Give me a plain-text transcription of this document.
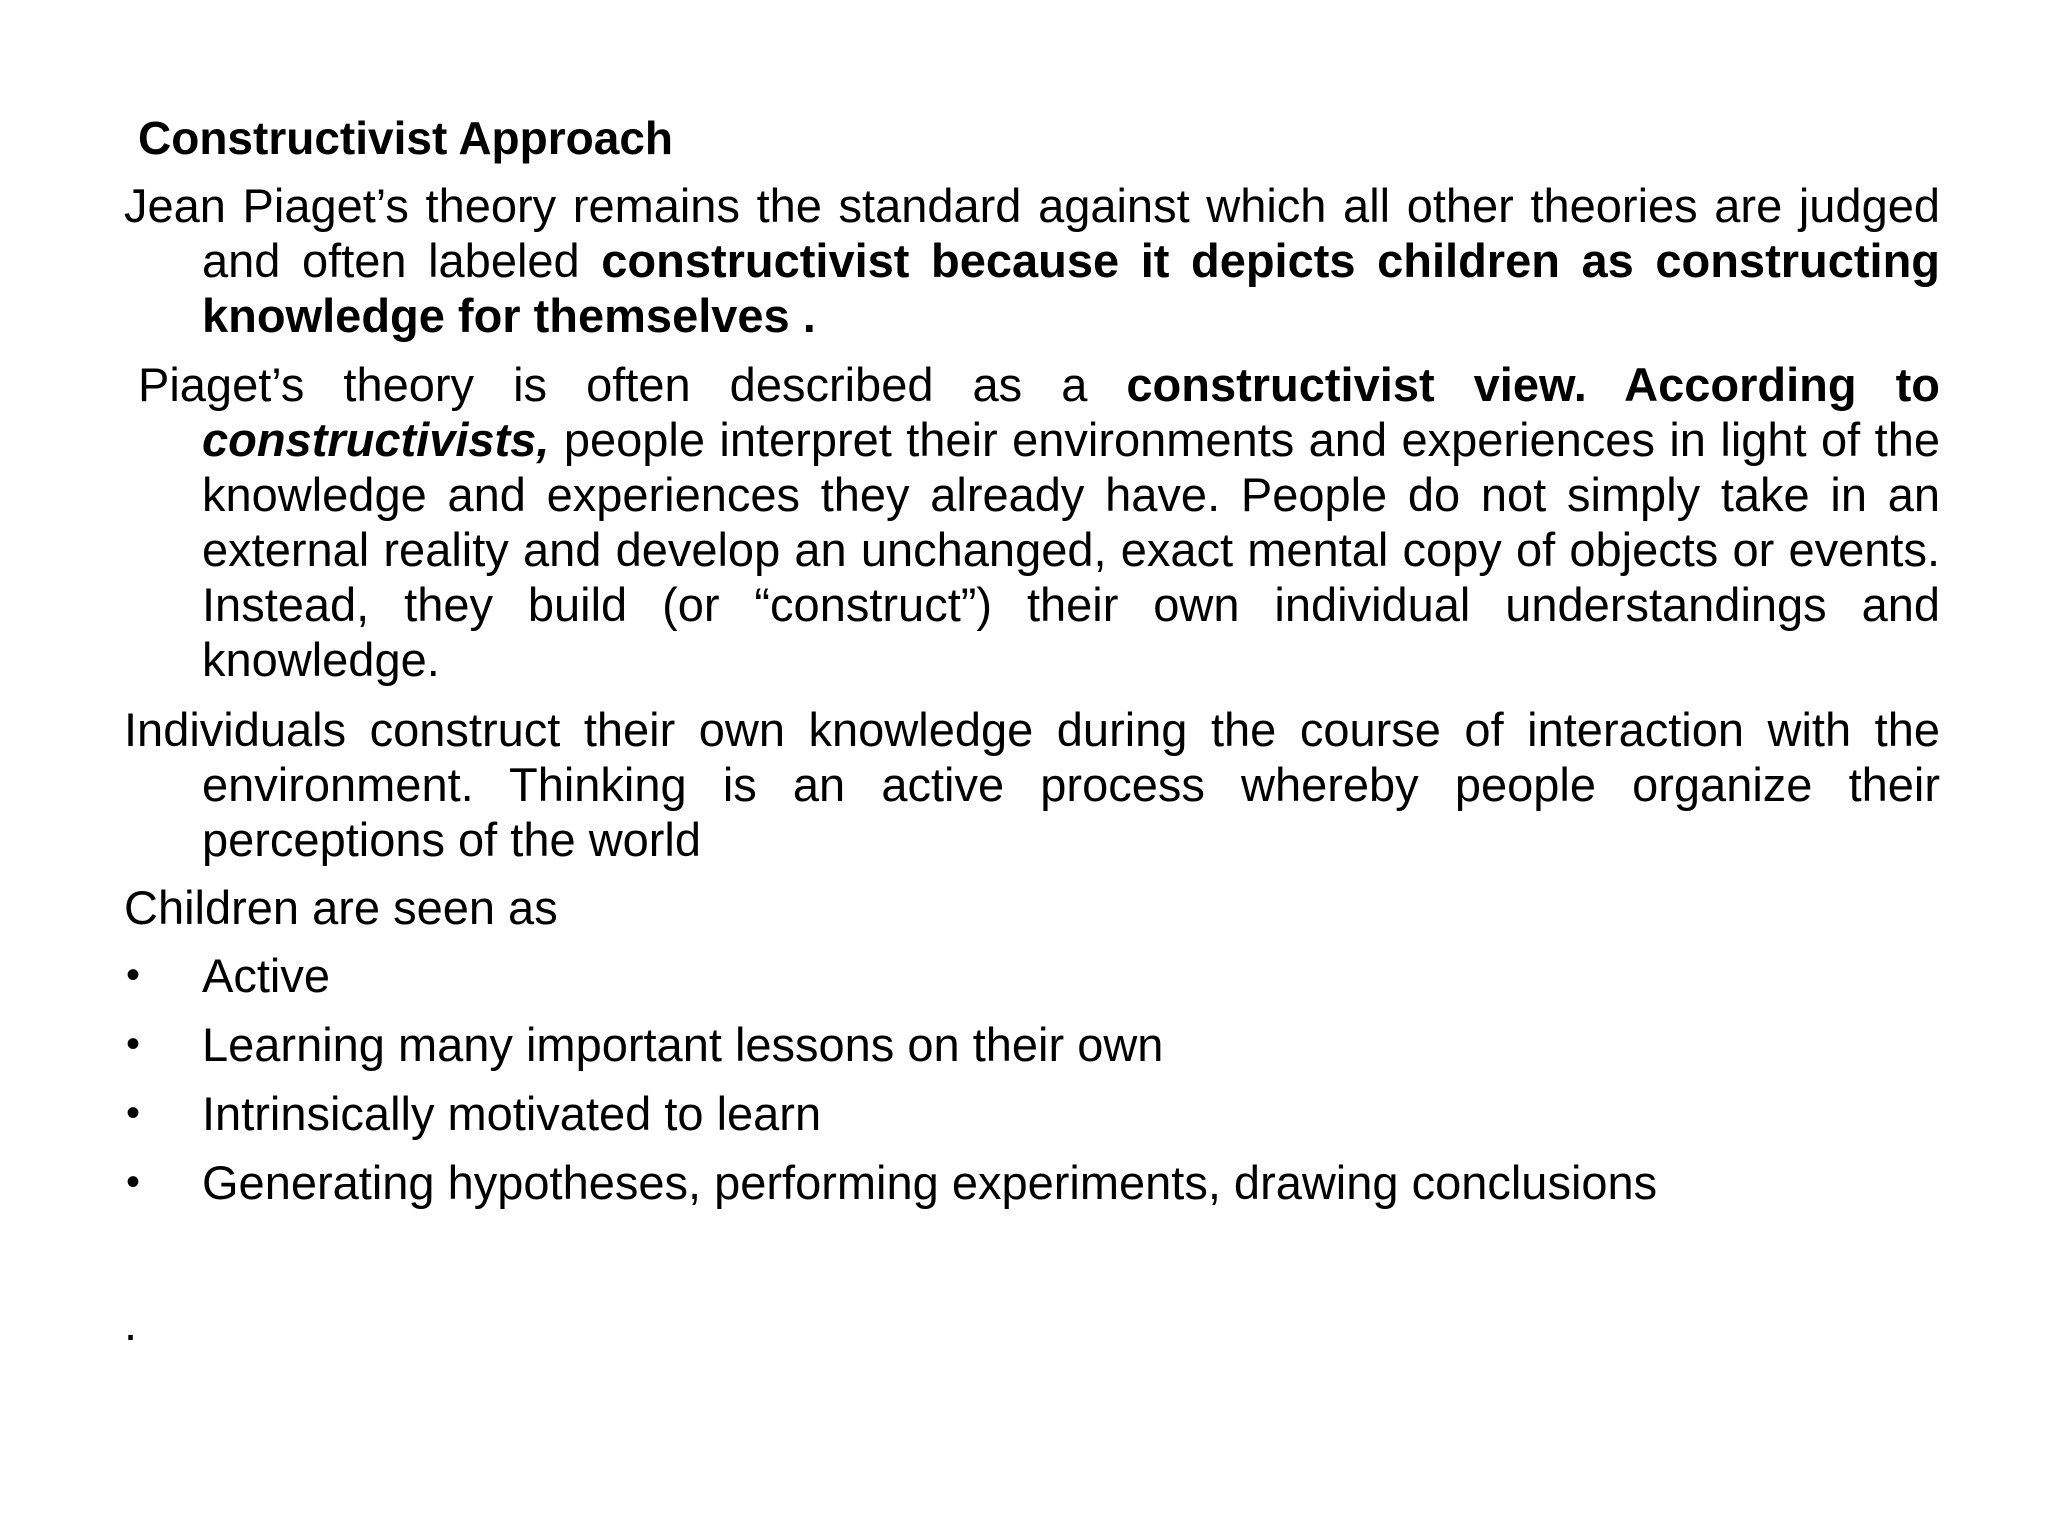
Constructivist Approach
Jean Piaget’s theory remains the standard against which all other theories are judged and often labeled constructivist because it depicts children as constructing knowledge for themselves .
Piaget’s theory is often described as a constructivist view. According to constructivists, people interpret their environments and experiences in light of the knowledge and experiences they already have. People do not simply take in an external reality and develop an unchanged, exact mental copy of objects or events. Instead, they build (or “construct”) their own individual understandings and knowledge.
Individuals construct their own knowledge during the course of interaction with the environment. Thinking is an active process whereby people organize their perceptions of the world
Children are seen as
• Active
• Learning many important lessons on their own
• Intrinsically motivated to learn
• Generating hypotheses, performing experiments, drawing conclusions
.
